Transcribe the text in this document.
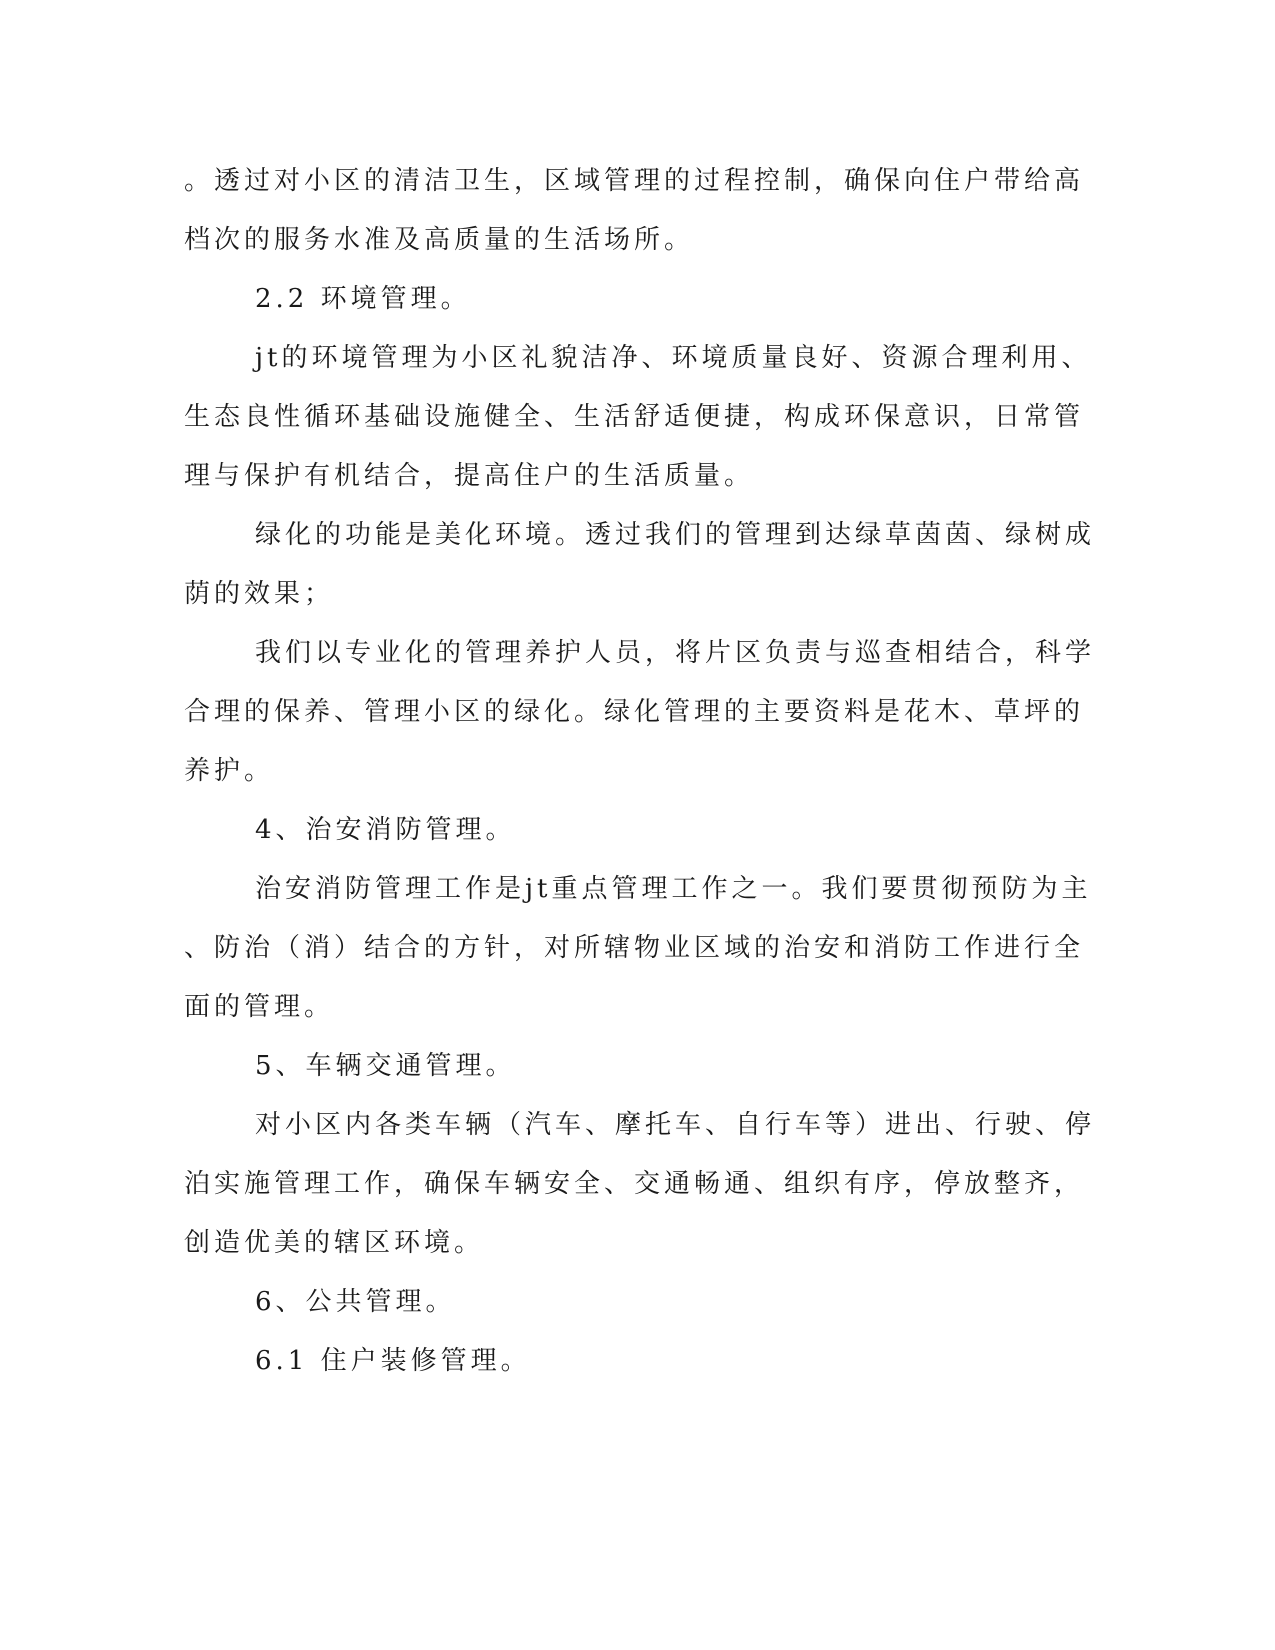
。透过对小区的清洁卫生，区域管理的过程控制，确保向住户带给高

档次的服务水准及高质量的生活场所。

2.2 环境管理。

jt的环境管理为小区礼貌洁净、环境质量良好、资源合理利用、

生态良性循环基础设施健全、生活舒适便捷，构成环保意识，日常管

理与保护有机结合，提高住户的生活质量。

绿化的功能是美化环境。透过我们的管理到达绿草茵茵、绿树成

荫的效果；

我们以专业化的管理养护人员，将片区负责与巡查相结合，科学

合理的保养、管理小区的绿化。绿化管理的主要资料是花木、草坪的

养护。

4、治安消防管理。

治安消防管理工作是jt重点管理工作之一。我们要贯彻预防为主

、防治（消）结合的方针，对所辖物业区域的治安和消防工作进行全

面的管理。

5、车辆交通管理。

对小区内各类车辆（汽车、摩托车、自行车等）进出、行驶、停

泊实施管理工作，确保车辆安全、交通畅通、组织有序，停放整齐，

创造优美的辖区环境。

6、公共管理。

6.1 住户装修管理。
